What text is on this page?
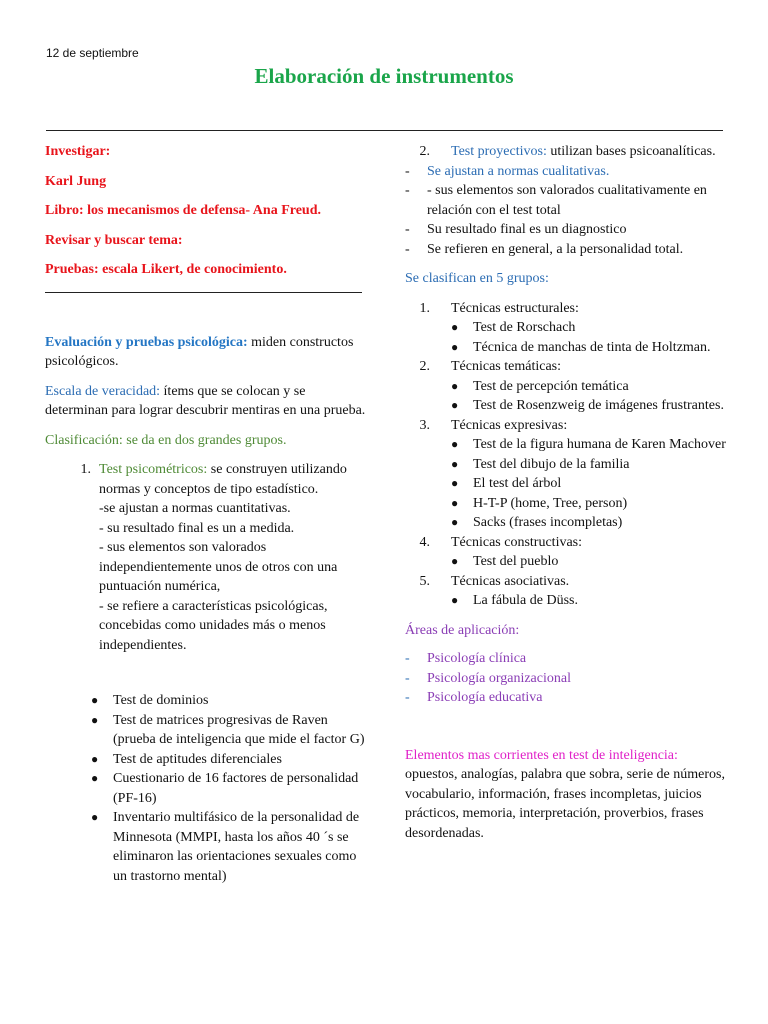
12 de septiembre
Elaboración de instrumentos

Investigar:

Karl Jung

Libro: los mecanismos de defensa- Ana Freud.

Revisar y buscar tema:

Pruebas: escala Likert, de conocimiento.

Evaluación y pruebas psicológica: miden constructos psicológicos.

Escala de veracidad: ítems que se colocan y se determinan para lograr descubrir mentiras en una prueba.

Clasificación: se da en dos grandes grupos.

1. Test psicométricos: se construyen utilizando normas y conceptos de tipo estadístico.
-se ajustan a normas cuantitativas.
- su resultado final es un a medida.
- sus elementos son valorados independientemente unos de otros con una puntuación numérica,
- se refiere a características psicológicas, concebidas como unidades más o menos independientes.
●	Test de dominios
●	Test de matrices progresivas de Raven (prueba de inteligencia que mide el factor G)
●	Test de aptitudes diferenciales
●	Cuestionario de 16 factores de personalidad (PF-16)
●	Inventario multifásico de la personalidad de Minnesota (MMPI, hasta los años 40 ´s se eliminaron las orientaciones sexuales como un trastorno mental)
2.	Test proyectivos: utilizan bases psicoanalíticas.
-	Se ajustan a normas cualitativas.
-	- sus elementos son valorados cualitativamente en relación con el test total
-	Su resultado final es un diagnostico
-	Se refieren en general, a la personalidad total.

Se clasifican en 5 grupos:

1.	Técnicas estructurales:
●	Test de Rorschach
●	Técnica de manchas de tinta de Holtzman.
2.	Técnicas temáticas:
●	Test de percepción temática
●	Test de Rosenzweig de imágenes frustrantes.
3.	Técnicas expresivas:
●	Test de la figura humana de Karen Machover
●	Test del dibujo de la familia
●	El test del árbol
●	H-T-P (home, Tree, person)
●	Sacks (frases incompletas)
4.	Técnicas constructivas:
●	Test del pueblo
5.	Técnicas asociativas.
●	La fábula de Düss.

Áreas de aplicación:

-	Psicología clínica
-	Psicología organizacional
-	Psicología educativa

Elementos mas corrientes en test de inteligencia: opuestos, analogías, palabra que sobra, serie de números, vocabulario, información, frases incompletas, juicios prácticos, memoria, interpretación, proverbios, frases desordenadas.
